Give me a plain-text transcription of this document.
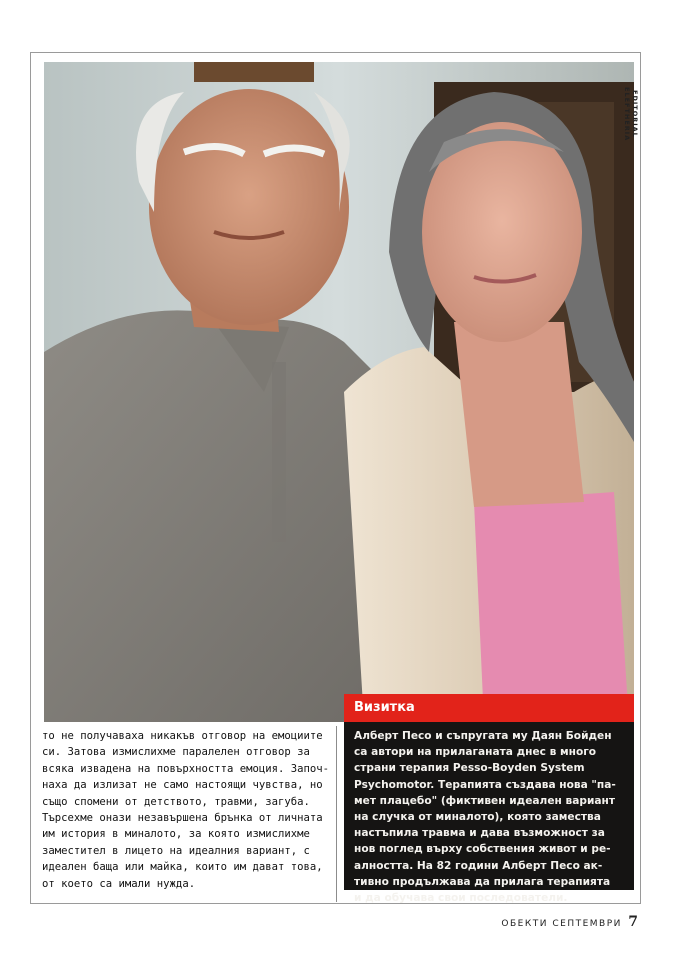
EDITORIAL ELEFTHERIA

то не получаваха никакъв отговор на емоциите

си. Затова измислихме паралелен отговор за

всяка извадена на повърхността емоция. Започ-

наха да излизат не само настоящи чувства, но

също спомени от детството, травми, загуба.

Търсехме онази незавършена брънка от личната

им история в миналото, за която измислихме

заместител в лицето на идеалния вариант, с

идеален баща или майка, които им дават това,

от което са имали нужда.

Визитка

Алберт Песо и съпругата му Даян Бойден

са автори на прилаганата днес в много

страни терапия Pesso-Boyden System

Psychomotor. Терапията създава нова "па-

мет плацебо" (фиктивен идеален вариант

на случка от миналото), която замества

настъпила травма и дава възможност за

нов поглед върху собствения живот и ре-

алността. На 82 години Алберт Песо ак-

тивно продължава да прилага терапията

и да обучава свои последователи.

ОБЕКТИ СЕПТЕМВРИ 7
